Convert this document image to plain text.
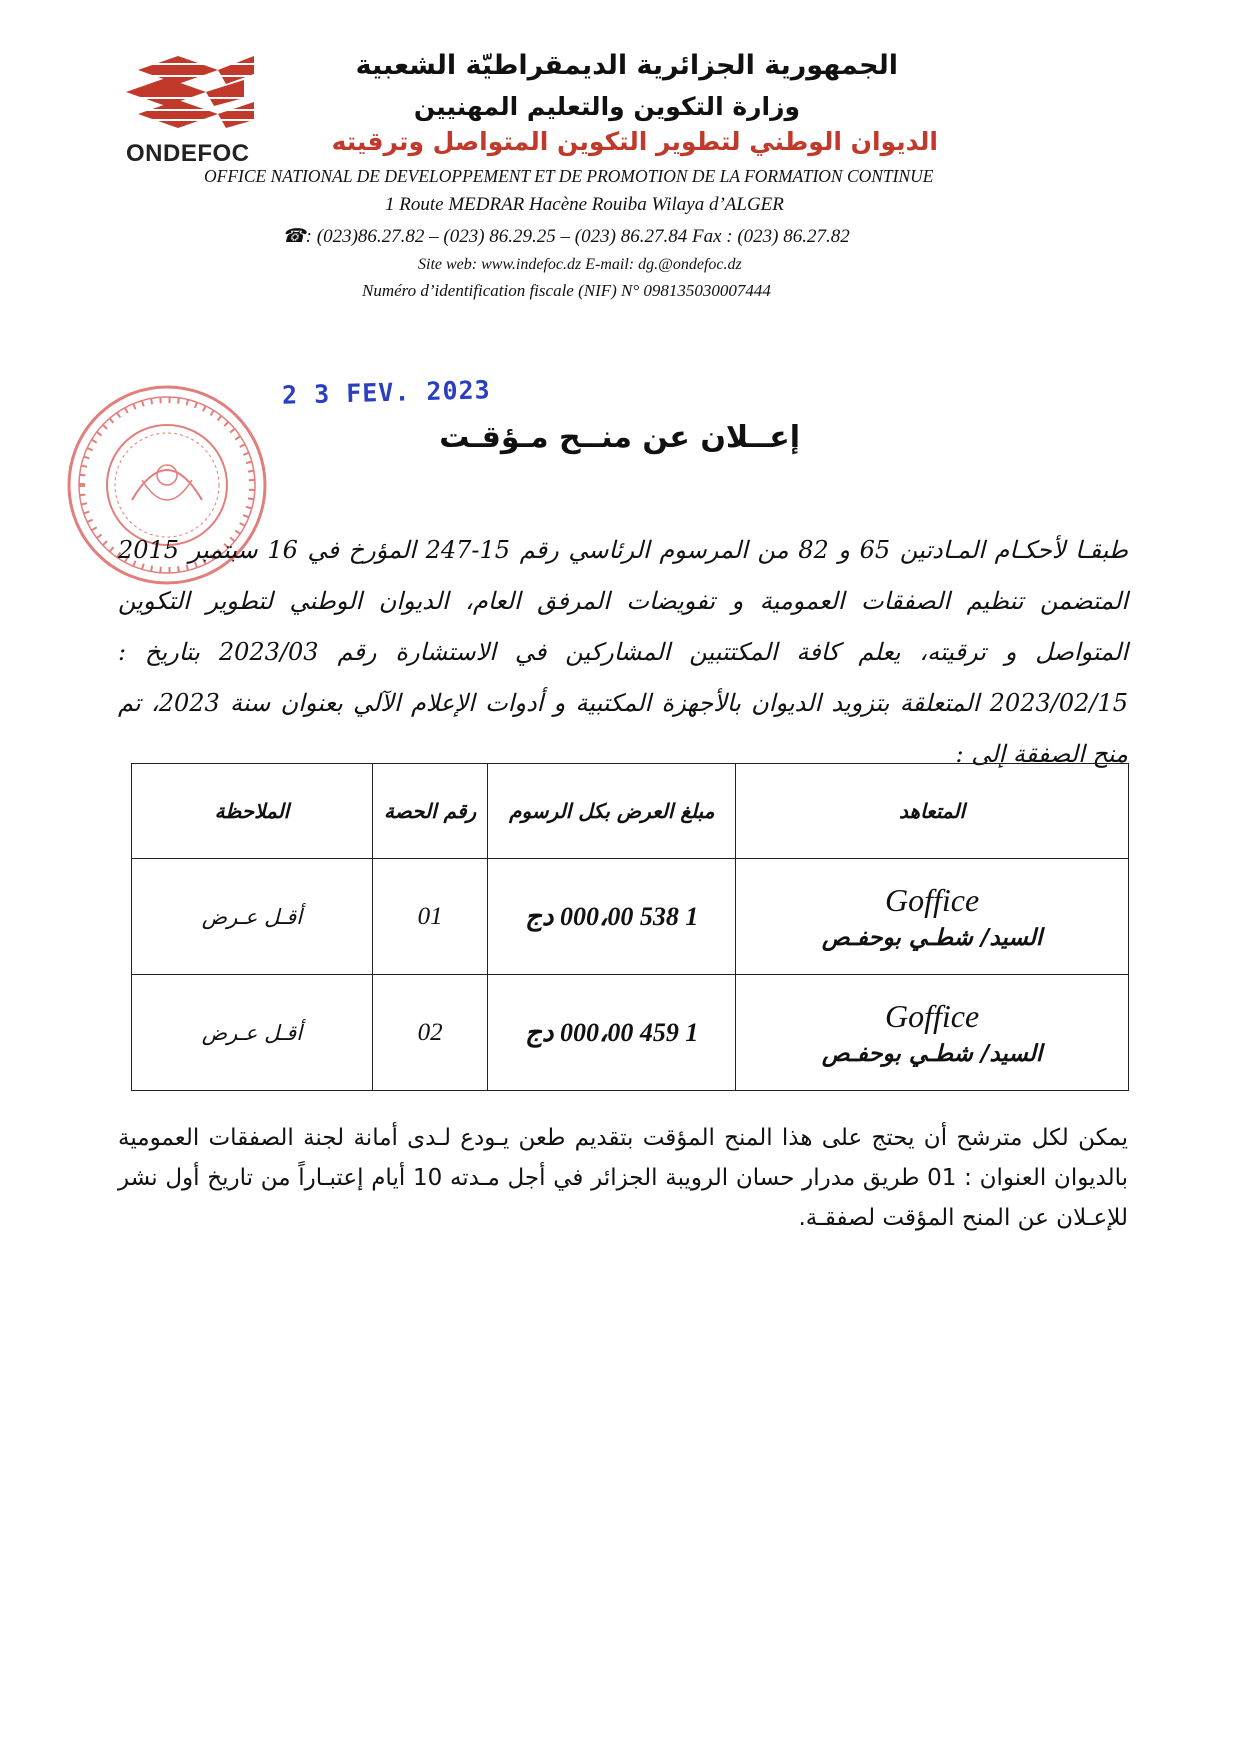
ONDEFOC
الجمهورية الجزائرية الديمقراطيّة الشعبية
وزارة التكوين والتعليم المهنيين
الديوان الوطني لتطوير التكوين المتواصل وترقيته
OFFICE NATIONAL DE DEVELOPPEMENT ET DE PROMOTION DE LA FORMATION CONTINUE
1 Route MEDRAR Hacène Rouiba Wilaya d’ALGER
☎: (023)86.27.82 – (023) 86.29.25 – (023) 86.27.84 Fax : (023) 86.27.82
Site web: www.indefoc.dz E-mail: dg.@ondefoc.dz
Numéro d’identification fiscale (NIF) N° 098135030007444
2 3 FEV. 2023
إعــلان عن منــح مـؤقـت
طبقـا لأحكـام المـادتين 65 و 82 من المرسوم الرئاسي رقم 15-247 المؤرخ في 16 سبتمبر 2015 المتضمن تنظيم الصفقات العمومية و تفويضات المرفق العام، الديوان الوطني لتطوير التكوين المتواصل و ترقيته، يعلم كافة المكتتبين المشاركين في الاستشارة رقم 2023/03 بتاريخ : 2023/02/15 المتعلقة بتزويد الديوان بالأجهزة المكتبية و أدوات الإعلام الآلي بعنوان سنة 2023، تم منح الصفقة إلى :
المتعاهد	مبلغ العرض بكل الرسوم	رقم الحصة	الملاحظة

Goffice
السيد/ شطـي بوحفـص	1 538 000،00 دج	01	أقـل عـرض

Goffice
السيد/ شطـي بوحفـص	1 459 000،00 دج	02	أقـل عـرض
يمكن لكل مترشح أن يحتج على هذا المنح المؤقت بتقديم طعن يـودع لـدى أمانة لجنة الصفقات العمومية بالديوان العنوان : 01 طريق مدرار حسان الرويبة الجزائر في أجل مـدته 10 أيام إعتبـاراً من تاريخ أول نشر للإعـلان عن المنح المؤقت لصفقـة.
